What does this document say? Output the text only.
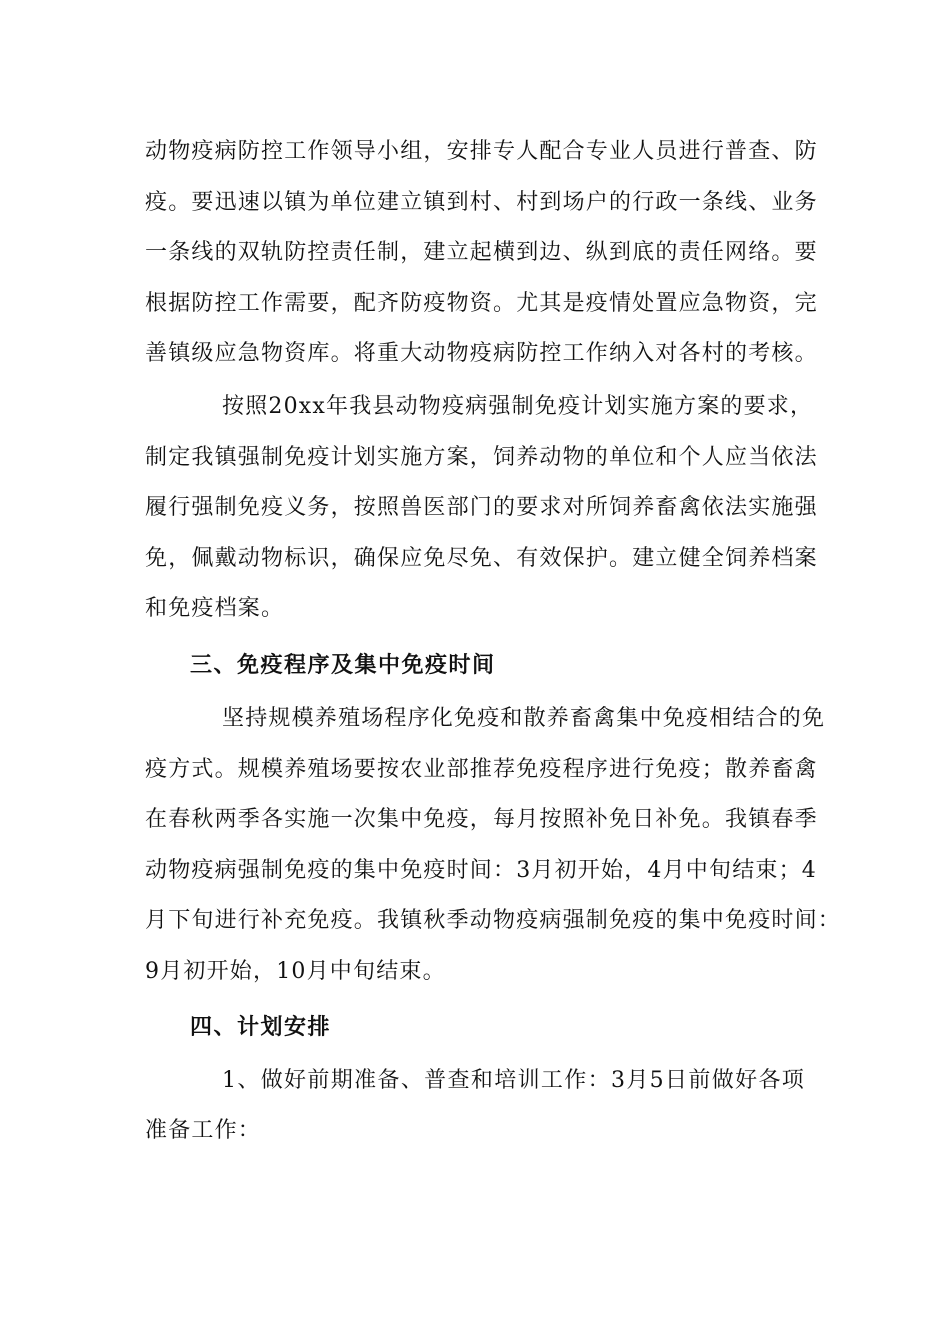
动物疫病防控工作领导小组，安排专人配合专业人员进行普查、防
疫。要迅速以镇为单位建立镇到村、村到场户的行政一条线、业务
一条线的双轨防控责任制，建立起横到边、纵到底的责任网络。要
根据防控工作需要，配齐防疫物资。尤其是疫情处置应急物资，完
善镇级应急物资库。将重大动物疫病防控工作纳入对各村的考核。
按照20xx年我县动物疫病强制免疫计划实施方案的要求，
制定我镇强制免疫计划实施方案，饲养动物的单位和个人应当依法
履行强制免疫义务，按照兽医部门的要求对所饲养畜禽依法实施强
免，佩戴动物标识，确保应免尽免、有效保护。建立健全饲养档案
和免疫档案。
三、免疫程序及集中免疫时间
坚持规模养殖场程序化免疫和散养畜禽集中免疫相结合的免
疫方式。规模养殖场要按农业部推荐免疫程序进行免疫；散养畜禽
在春秋两季各实施一次集中免疫，每月按照补免日补免。我镇春季
动物疫病强制免疫的集中免疫时间：3月初开始，4月中旬结束；4
月下旬进行补充免疫。我镇秋季动物疫病强制免疫的集中免疫时间：
9月初开始，10月中旬结束。
四、计划安排
1、做好前期准备、普查和培训工作：3月5日前做好各项
准备工作：
